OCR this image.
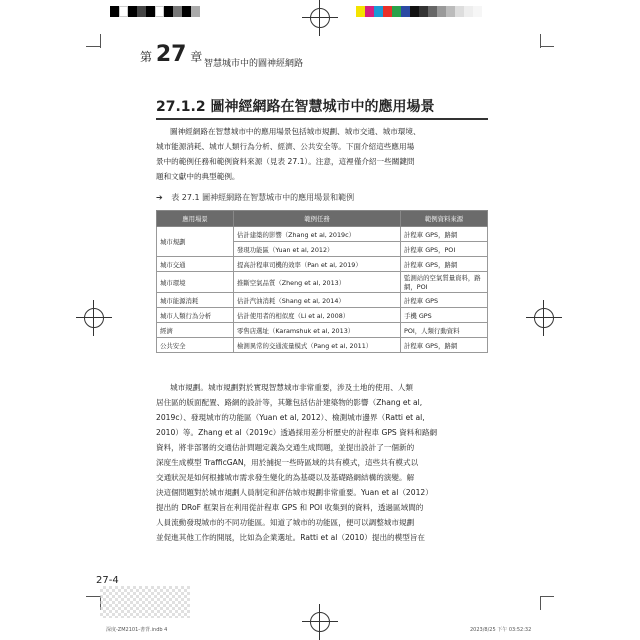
第 27 章 智慧城市中的圖神經網路
27.1.2 圖神經網路在智慧城市中的應用場景
圖神經網路在智慧城市中的應用場景包括城市規劃、城市交通、城市環境、
城市能源消耗、城市人類行為分析、經濟、公共安全等。下面介紹這些應用場
景中的範例任務和範例資料來源（見表 27.1）。注意，這裡僅介紹一些關鍵問
題和文獻中的典型範例。
➔ 表 27.1 圖神經網路在智慧城市中的應用場景和範例
應用場景	範例任務	範例資料來源
城市規劃	估計建築的影響（Zhang et al, 2019c）	計程車 GPS，路網
	發現功能區（Yuan et al, 2012）	計程車 GPS，POI
城市交通	提高計程車司機的效率（Pan et al, 2019）	計程車 GPS，路網
城市環境	推斷空氣品質（Zheng et al, 2013）	監測站的空氣質量資料，路網，POI
城市能源消耗	估計汽油消耗（Shang et al, 2014）	計程車 GPS
城市人類行為分析	估計使用者的相似度（Li et al, 2008）	手機 GPS
經濟	零售店選址（Karamshuk et al, 2013）	POI，人類行動資料
公共安全	檢測異常的交通流量模式（Pang et al, 2011）	計程車 GPS，路網
城市規劃。城市規劃對於實現智慧城市非常重要，涉及土地的使用、人類
居住區的版面配置、路網的設計等，其難包括估計建築物的影響（Zhang et al,
2019c）、發現城市的功能區（Yuan et al, 2012）、檢測城市邊界（Ratti et al,
2010）等。Zhang et al（2019c）透過採用差分析歷史的計程車 GPS 資料和路網
資料，將非部署的交通估計問題定義為交通生成問題，並提出設計了一個新的
深度生成模型 TrafficGAN，用於捕捉一些時區域的共有模式，這些共有模式以
交通狀況是如何根據城市需求發生變化的為基礎以及基礎路網結構的演變。解
決這個問題對於城市規劃人員制定和評估城市規劃非常重要。Yuan et al（2012）
提出的 DRoF 框架旨在利用從計程車 GPS 和 POI 收集到的資料，透過區域間的
人員流動發現城市的不同功能區。知道了城市的功能區，便可以調整城市規劃
並促進其他工作的開展，比如為企業選址。Ratti et al（2010）提出的模型旨在
27-4
深度-ZM2101-書背.indb 4	2023/8/25 下午 03:52:32
